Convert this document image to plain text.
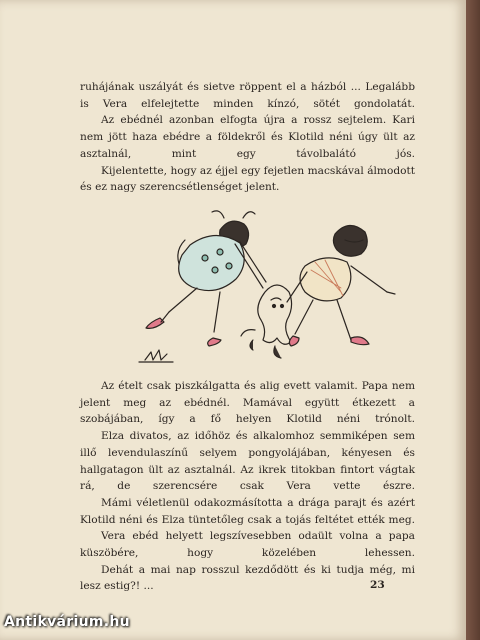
ruhájának uszályát és sietve röppent el a házból ... Legalább is Vera elfelejtette minden kínzó, sötét gondolatát.

Az ebédnél azonban elfogta újra a rossz sejtelem. Kari nem jött haza ebédre a földekről és Klotild néni úgy ült az asztalnál, mint egy távolbalátó jós.

Kijelentette, hogy az éjjel egy fejetlen macskával álmodott és ez nagy szerencsétlenséget jelent.

Az ételt csak piszkálgatta és alig evett valamit. Papa nem jelent meg az ebédnél. Mamával együtt étkezett a szobájában, így a fő helyen Klotild néni trónolt.

Elza divatos, az időhöz és alkalomhoz semmiképen sem illő levendulaszínű selyem pongyolájában, kényesen és hallgatagon ült az asztalnál. Az ikrek titokban fintort vágtak rá, de szerencsére csak Vera vette észre.

Mámi véletlenül odakozmásította a drága parajt és azért Klotild néni és Elza tüntetőleg csak a tojás feltétet ették meg.

Vera ebéd helyett legszívesebben odaült volna a papa küszöbére, hogy közelében lehessen.

Dehát a mai nap rosszul kezdődött és ki tudja még, mi lesz estig?! ...	23
Antikvárium.hu
